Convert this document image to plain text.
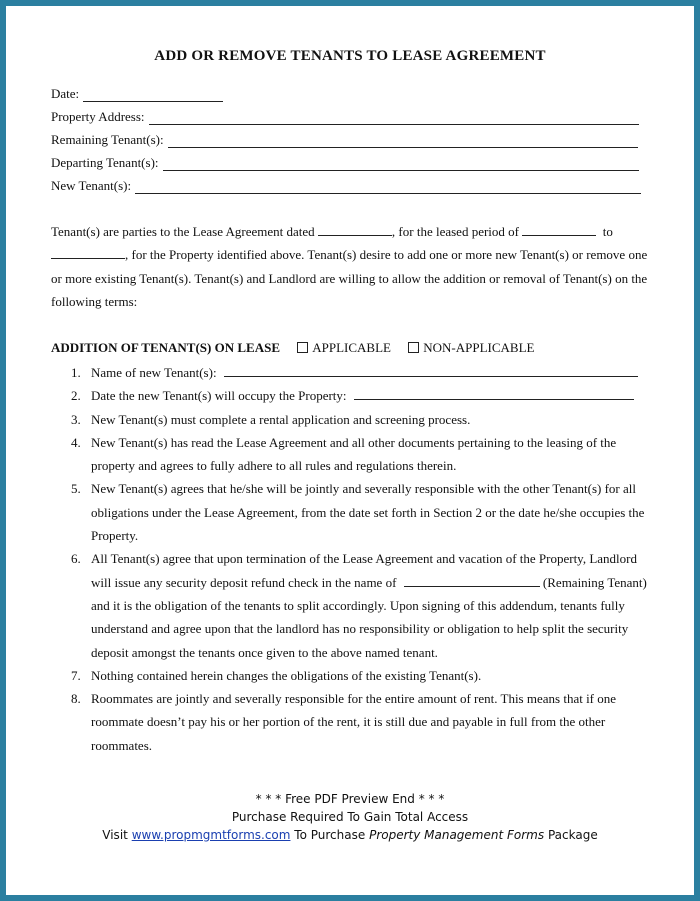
ADD OR REMOVE TENANTS TO LEASE AGREEMENT
Date:
Property Address:
Remaining Tenant(s):
Departing Tenant(s):
New Tenant(s):
Tenant(s) are parties to the Lease Agreement dated	, for the leased period of	to , for the Property identified above. Tenant(s) desire to add one or more new Tenant(s) or remove one or more existing Tenant(s). Tenant(s) and Landlord are willing to allow the addition or removal of Tenant(s) on the following terms:
ADDITION OF TENANT(S) ON LEASE APPLICABLE NON-APPLICABLE
1. Name of new Tenant(s):
2. Date the new Tenant(s) will occupy the Property:
3. New Tenant(s) must complete a rental application and screening process.
4. New Tenant(s) has read the Lease Agreement and all other documents pertaining to the leasing of the property and agrees to fully adhere to all rules and regulations therein.
5. New Tenant(s) agrees that he/she will be jointly and severally responsible with the other Tenant(s) for all obligations under the Lease Agreement, from the date set forth in Section 2 or the date he/she occupies the Property.
6. All Tenant(s) agree that upon termination of the Lease Agreement and vacation of the Property, Landlord will issue any security deposit refund check in the name of	(Remaining Tenant) and it is the obligation of the tenants to split accordingly. Upon signing of this addendum, tenants fully understand and agree upon that the landlord has no responsibility or obligation to help split the security deposit amongst the tenants once given to the above named tenant.
7. Nothing contained herein changes the obligations of the existing Tenant(s).
8. Roommates are jointly and severally responsible for the entire amount of rent. This means that if one roommate doesn’t pay his or her portion of the rent, it is still due and payable in full from the other roommates.
* * * Free PDF Preview End * * *
Purchase Required To Gain Total Access
Visit www.propmgmtforms.com To Purchase Property Management Forms Package
